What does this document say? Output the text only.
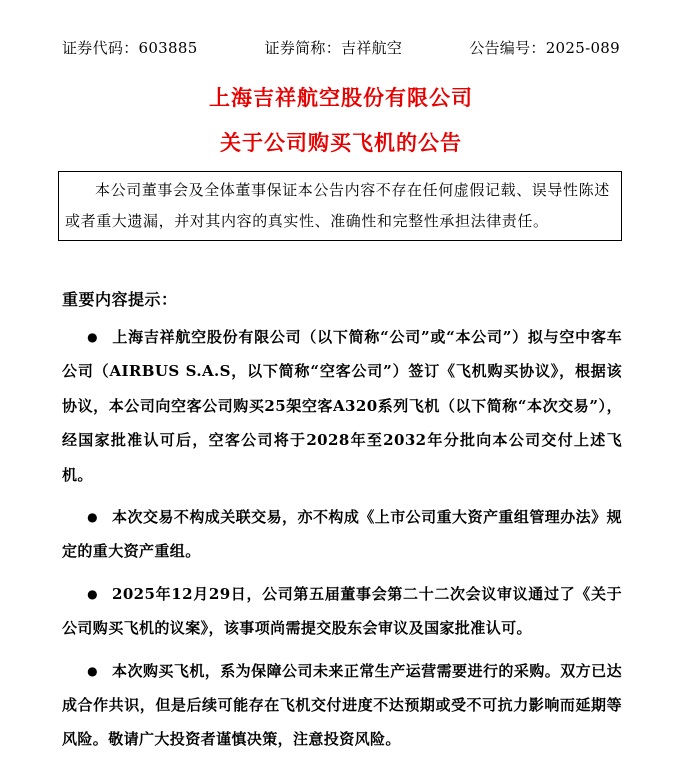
证券代码：603885	证券简称：吉祥航空	公告编号：2025-089
上海吉祥航空股份有限公司
关于公司购买飞机的公告
本公司董事会及全体董事保证本公告内容不存在任何虚假记载、误导性陈述或者重大遗漏，并对其内容的真实性、准确性和完整性承担法律责任。
重要内容提示：

● 上海吉祥航空股份有限公司（以下简称“公司”或“本公司”）拟与空中客车公司（AIRBUS S.A.S，以下简称“空客公司”）签订《飞机购买协议》，根据该协议，本公司向空客公司购买25架空客A320系列飞机（以下简称“本次交易”），经国家批准认可后，空客公司将于2028年至2032年分批向本公司交付上述飞机。

● 本次交易不构成关联交易，亦不构成《上市公司重大资产重组管理办法》规定的重大资产重组。

● 2025年12月29日，公司第五届董事会第二十二次会议审议通过了《关于公司购买飞机的议案》，该事项尚需提交股东会审议及国家批准认可。

● 本次购买飞机，系为保障公司未来正常生产运营需要进行的采购。双方已达成合作共识，但是后续可能存在飞机交付进度不达预期或受不可抗力影响而延期等风险。敬请广大投资者谨慎决策，注意投资风险。
